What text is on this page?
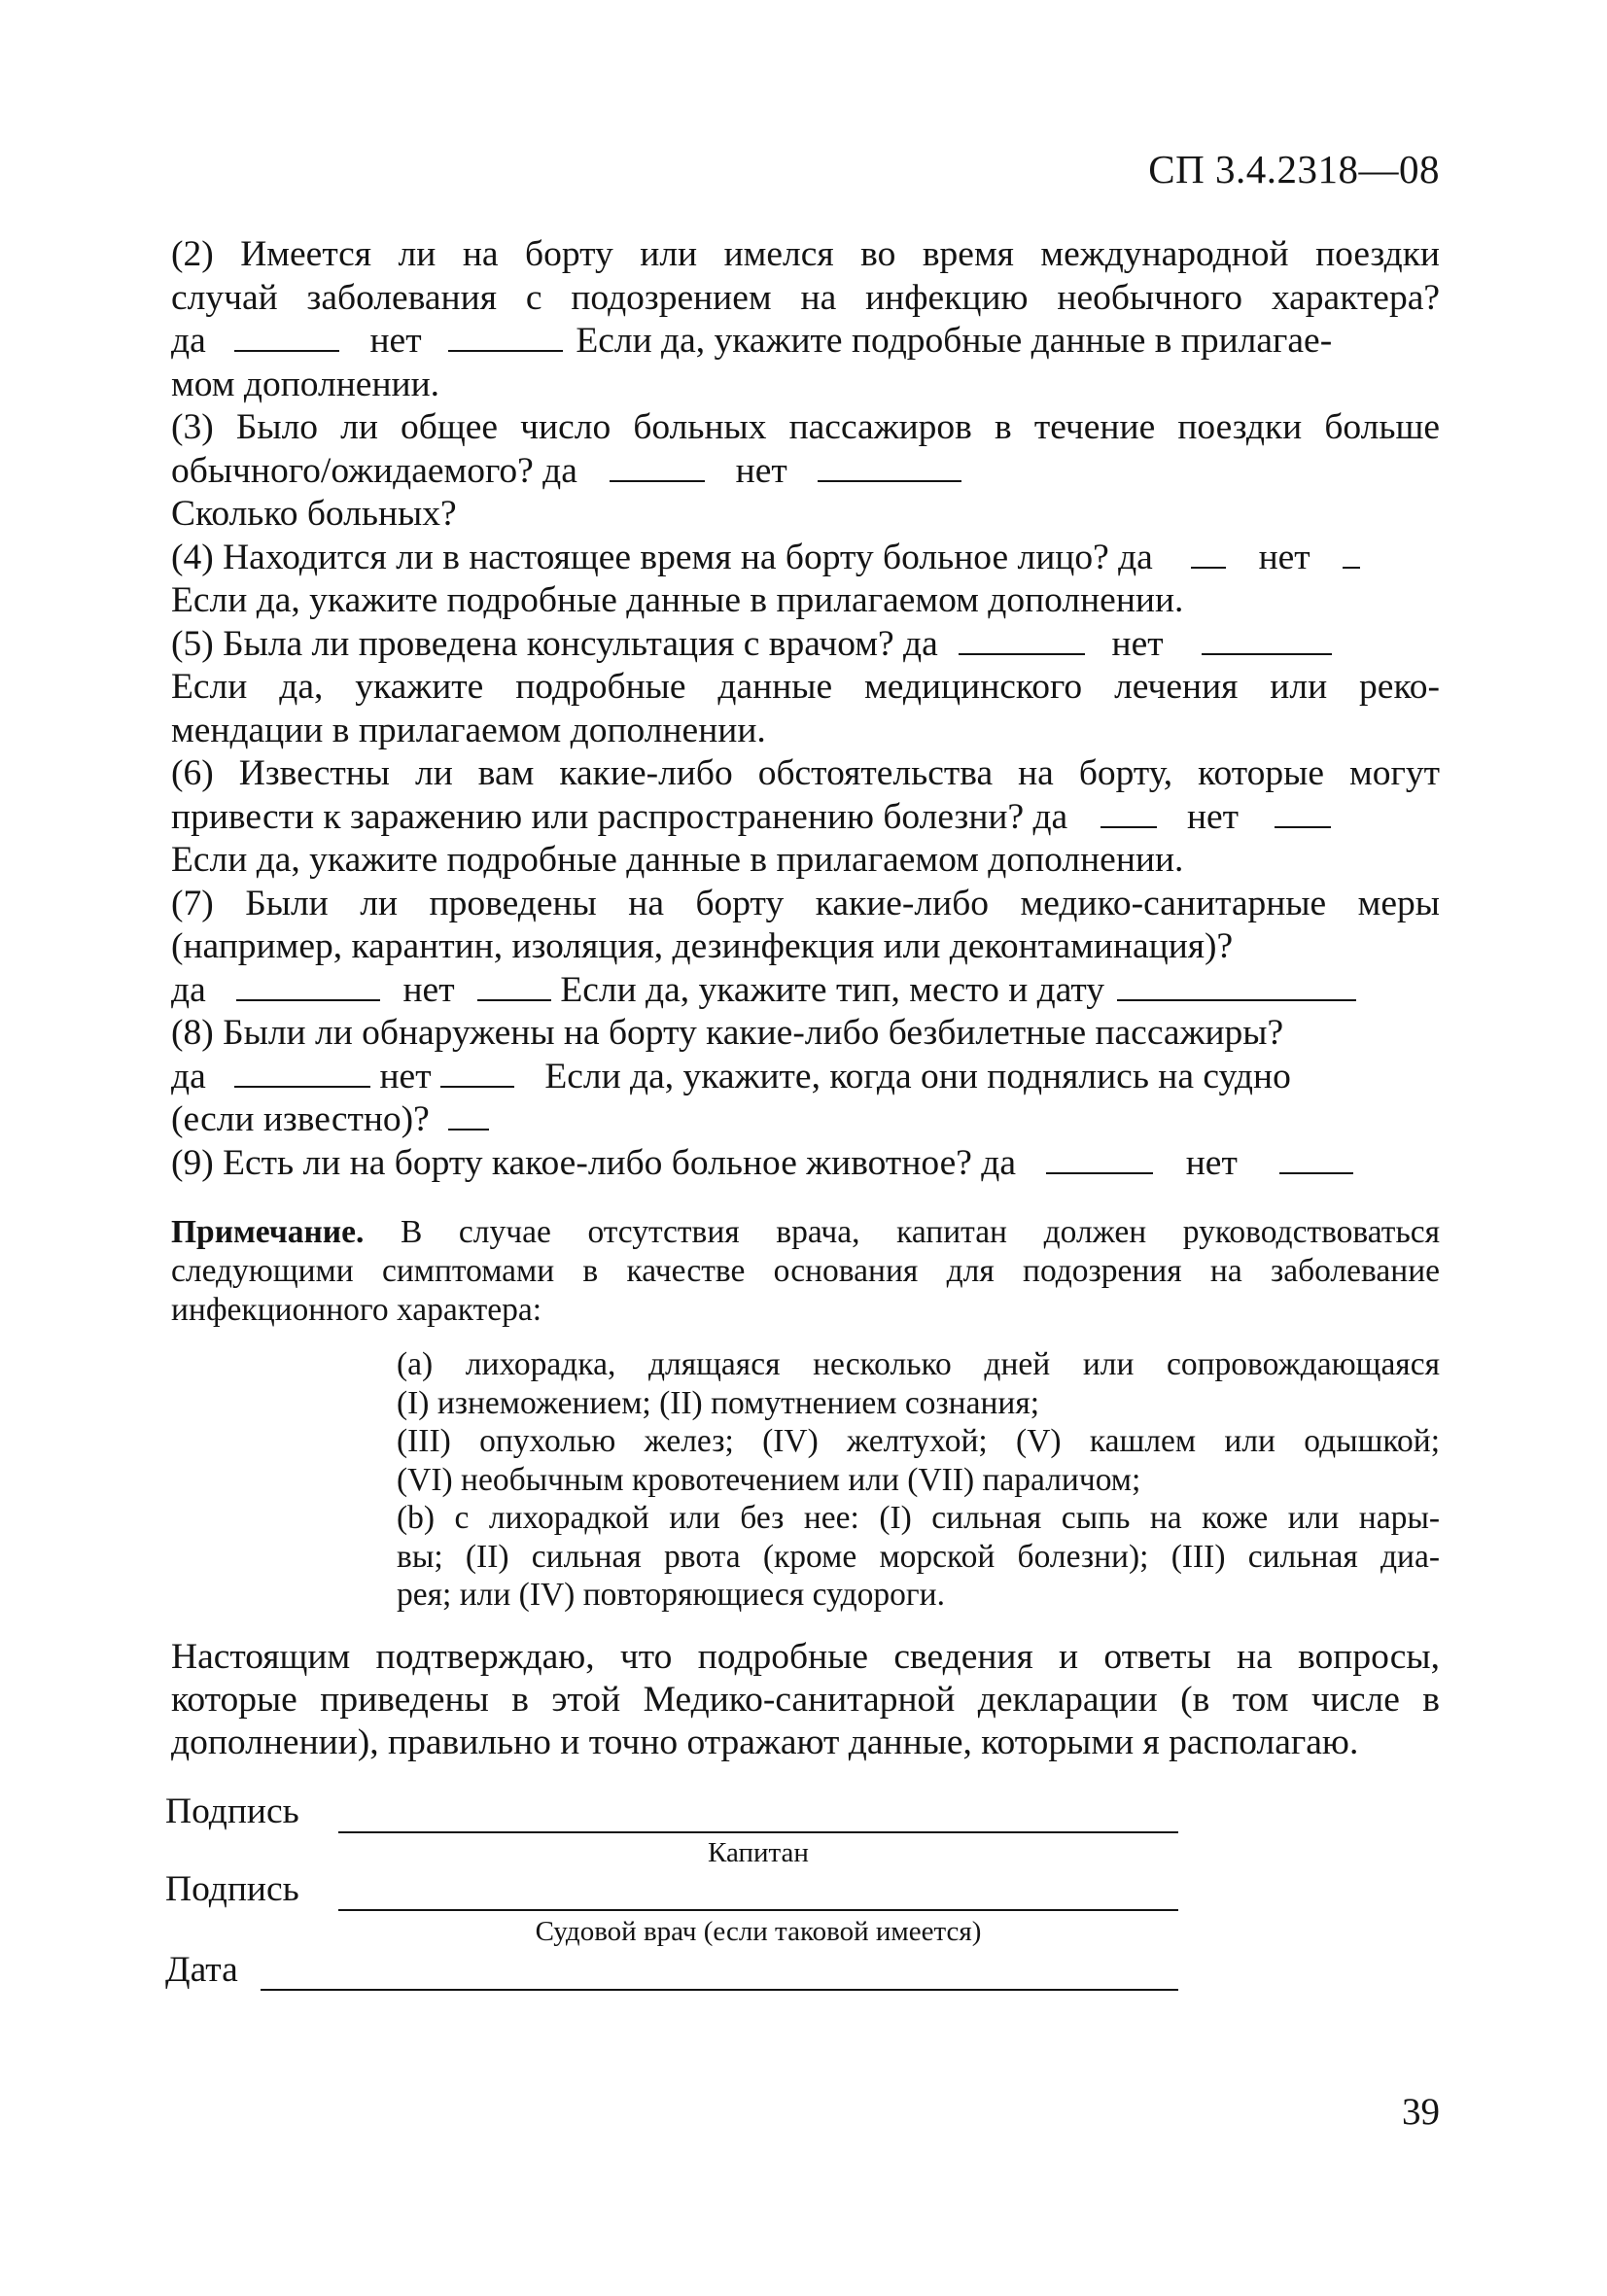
СП 3.4.2318—08
(2) Имеется ли на борту или имелся во время международной поездки
случай заболевания с подозрением на инфекцию необычного характера?
да	нет	Если да, укажите подробные данные в прилагае-
мом дополнении.
(3) Было ли общее число больных пассажиров в течение поездки больше
обычного/ожидаемого? да	нет
Сколько больных?
(4) Находится ли в настоящее время на борту больное лицо? да	нет
Если да, укажите подробные данные в прилагаемом дополнении.
(5) Была ли проведена консультация с врачом? да	нет
Если да, укажите подробные данные медицинского лечения или реко-
мендации в прилагаемом дополнении.
(6) Известны ли вам какие-либо обстоятельства на борту, которые могут
привести к заражению или распространению болезни? да	нет
Если да, укажите подробные данные в прилагаемом дополнении.
(7) Были ли проведены на борту какие-либо медико-санитарные меры
(например, карантин, изоляция, дезинфекция или деконтаминация)?
да	нет	Если да, укажите тип, место и дату
(8) Были ли обнаружены на борту какие-либо безбилетные пассажиры?
да	нет	Если да, укажите, когда они поднялись на судно
(если известно)?
(9) Есть ли на борту какое-либо больное животное? да	нет
Примечание. В случае отсутствия врача, капитан должен руководствоваться
следующими симптомами в качестве основания для подозрения на заболевание
инфекционного характера:
(а) лихорадка, длящаяся несколько дней или сопровождающаяся
(I) изнеможением; (II) помутнением сознания;
(III) опухолью желез; (IV) желтухой; (V) кашлем или одышкой;
(VI) необычным кровотечением или (VII) параличом;
(b) с лихорадкой или без нее: (I) сильная сыпь на коже или нары-
вы; (II) сильная рвота (кроме морской болезни); (III) сильная диа-
рея; или (IV) повторяющиеся судороги.
Настоящим подтверждаю, что подробные сведения и ответы на вопросы,
которые приведены в этой Медико-санитарной декларации (в том числе в
дополнении), правильно и точно отражают данные, которыми я располагаю.
Подпись
Капитан
Подпись
Судовой врач (если таковой имеется)
Дата
39
